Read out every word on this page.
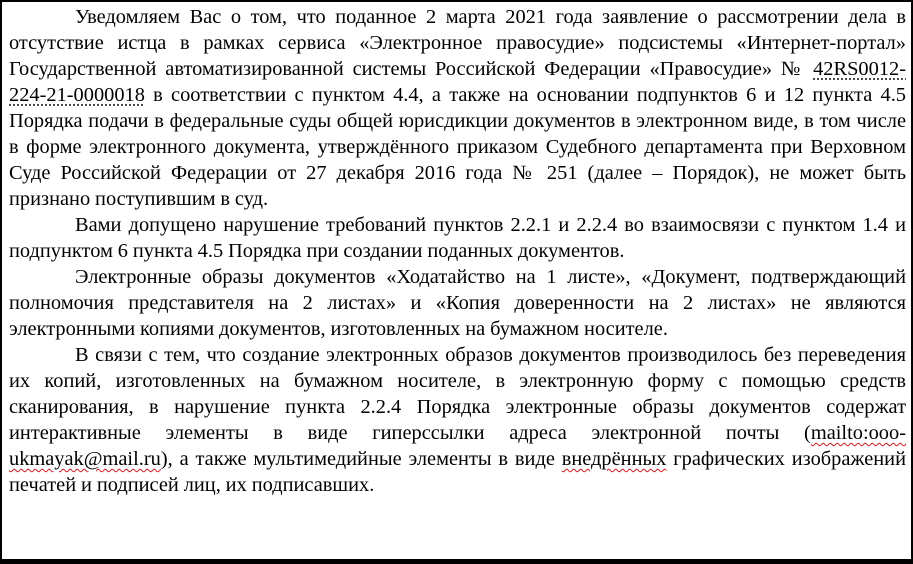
Уведомляем Вас о том, что поданное 2 марта 2021 года заявление о рассмотрении дела в отсутствие истца в рамках сервиса «Электронное правосудие» подсистемы «Интернет-портал» Государственной автоматизированной системы Российской Федерации «Правосудие» № 42RS0012-224-21-0000018 в соответствии с пунктом 4.4, а также на основании подпунктов 6 и 12 пункта 4.5 Порядка подачи в федеральные суды общей юрисдикции документов в электронном виде, в том числе в форме электронного документа, утверждённого приказом Судебного департамента при Верховном Суде Российской Федерации от 27 декабря 2016 года № 251 (далее – Порядок), не может быть признано поступившим в суд.

Вами допущено нарушение требований пунктов 2.2.1 и 2.2.4 во взаимосвязи с пунктом 1.4 и подпунктом 6 пункта 4.5 Порядка при создании поданных документов.

Электронные образы документов «Ходатайство на 1 листе», «Документ, подтверждающий полномочия представителя на 2 листах» и «Копия доверенности на 2 листах» не являются электронными копиями документов, изготовленных на бумажном носителе.

В связи с тем, что создание электронных образов документов производилось без переведения их копий, изготовленных на бумажном носителе, в электронную форму с помощью средств сканирования, в нарушение пункта 2.2.4 Порядка электронные образы документов содержат интерактивные элементы в виде гиперссылки адреса электронной почты (mailto:ooo-ukmayak@mail.ru), а также мультимедийные элементы в виде внедрённых графических изображений печатей и подписей лиц, их подписавших.
